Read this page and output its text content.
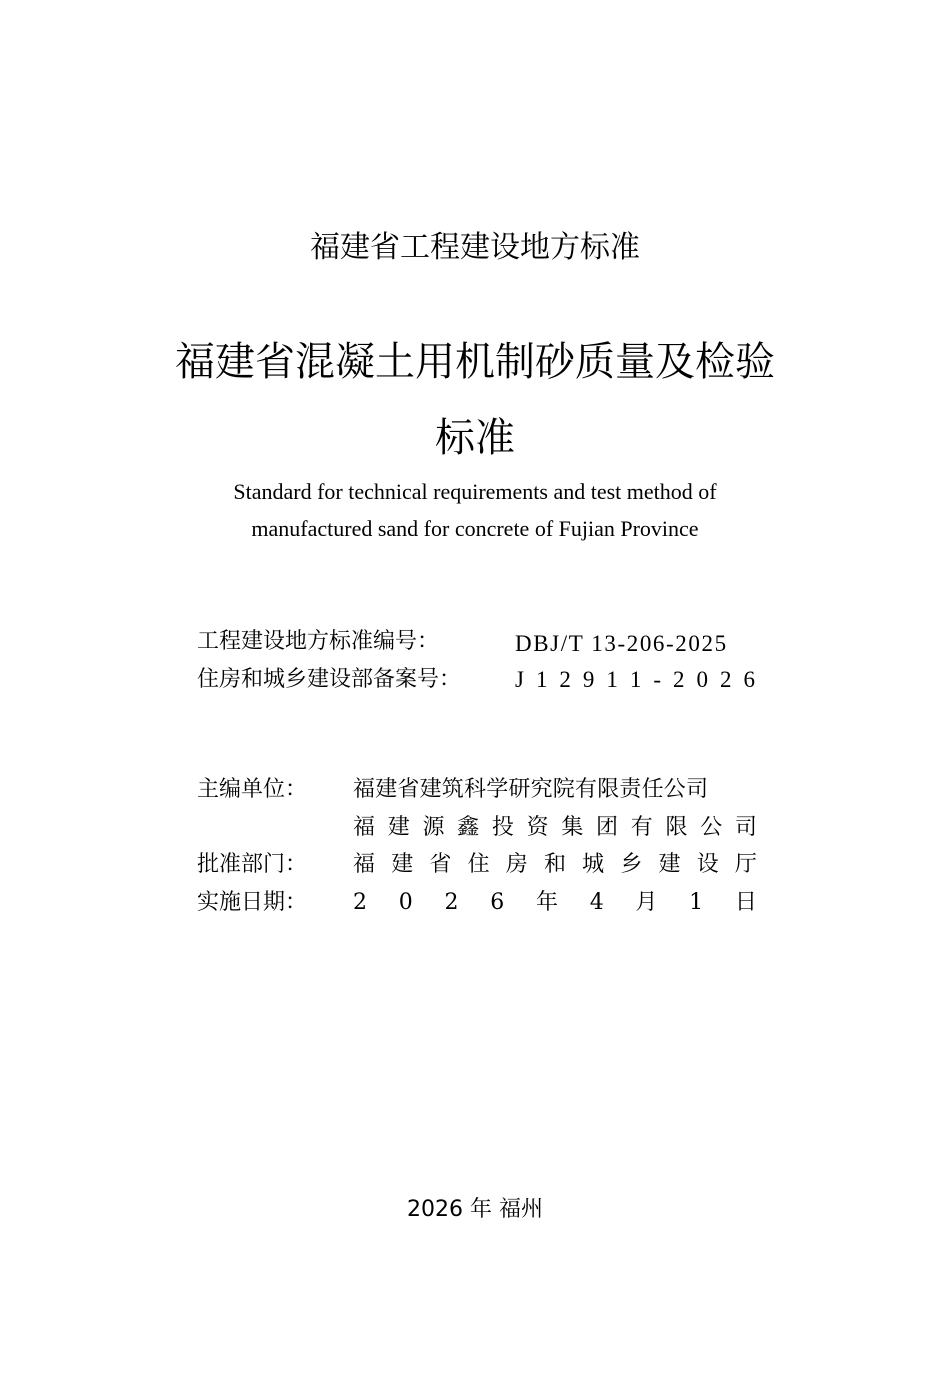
福建省工程建设地方标准
福建省混凝土用机制砂质量及检验
标准
Standard for technical requirements and test method of
manufactured sand for concrete of Fujian Province
工程建设地方标准编号：	DBJ/T 13-206-2025
住房和城乡建设部备案号： J 1 2 9 1 1 - 2 0 2 6
主编单位： 福建省建筑科学研究院有限责任公司
福 建 源 鑫 投 资 集 团 有 限 公 司
批准部门： 福 建 省 住 房 和 城 乡 建 设 厅
实施日期： 2 0 2 6 年 4 月 1 日
2026 年 福州
